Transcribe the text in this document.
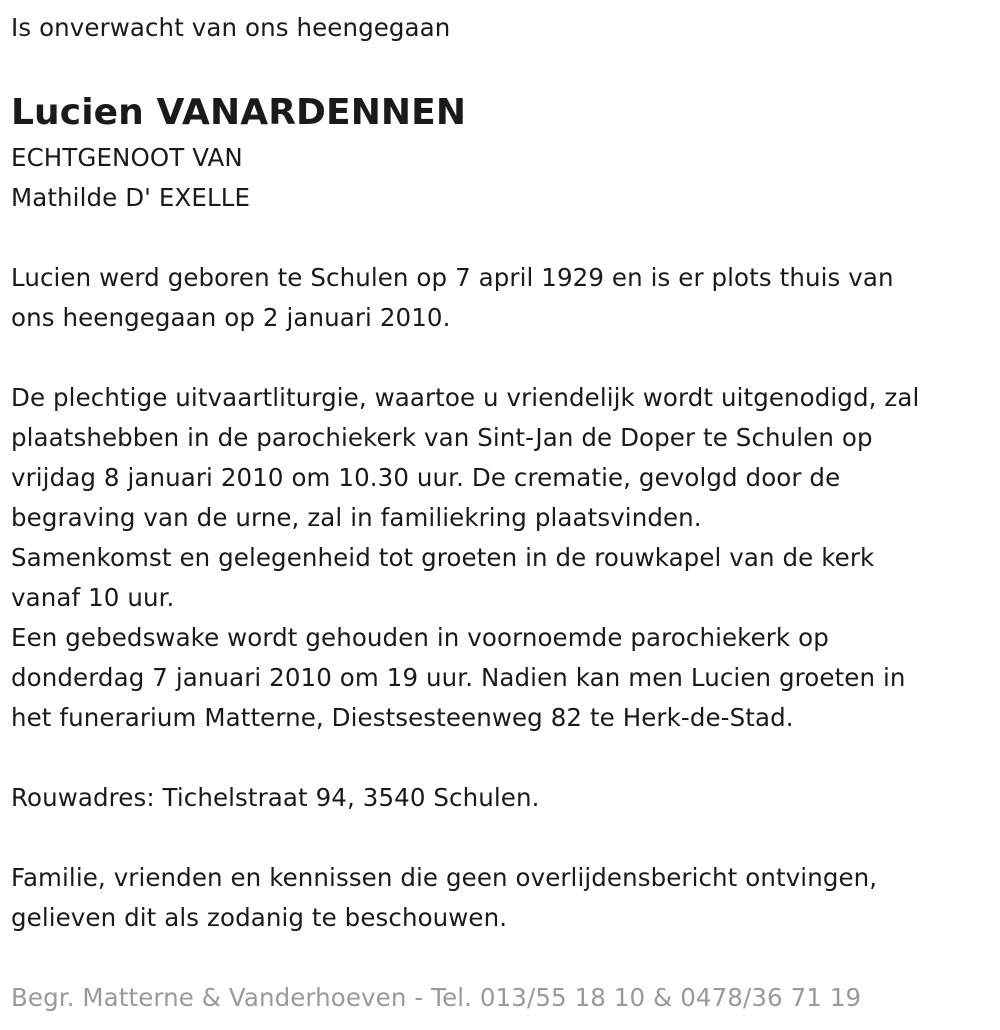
Is onverwacht van ons heengegaan

Lucien VANARDENNEN

ECHTGENOOT VAN

Mathilde D' EXELLE

Lucien werd geboren te Schulen op 7 april 1929 en is er plots thuis van

ons heengegaan op 2 januari 2010.

De plechtige uitvaartliturgie, waartoe u vriendelijk wordt uitgenodigd, zal

plaatshebben in de parochiekerk van Sint-Jan de Doper te Schulen op

vrijdag 8 januari 2010 om 10.30 uur. De crematie, gevolgd door de

begraving van de urne, zal in familiekring plaatsvinden.

Samenkomst en gelegenheid tot groeten in de rouwkapel van de kerk

vanaf 10 uur.

Een gebedswake wordt gehouden in voornoemde parochiekerk op

donderdag 7 januari 2010 om 19 uur. Nadien kan men Lucien groeten in

het funerarium Matterne, Diestsesteenweg 82 te Herk-de-Stad.

Rouwadres: Tichelstraat 94, 3540 Schulen.

Familie, vrienden en kennissen die geen overlijdensbericht ontvingen,

gelieven dit als zodanig te beschouwen.

Begr. Matterne & Vanderhoeven - Tel. 013/55 18 10 & 0478/36 71 19
